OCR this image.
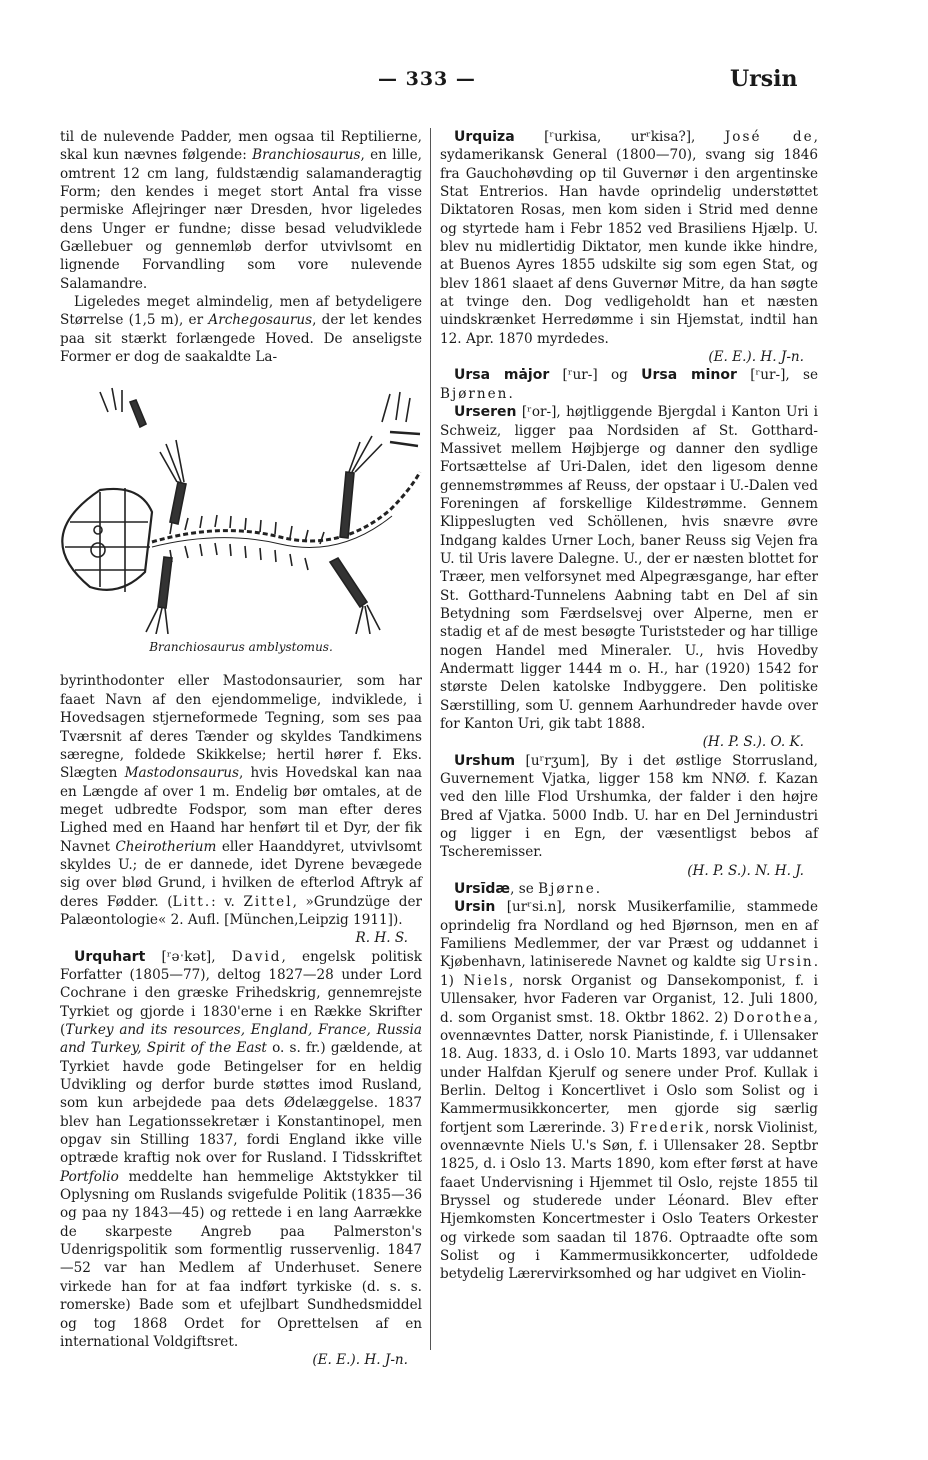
— 333 —	Ursin

til de nulevende Padder, men ogsaa til Reptilierne, skal kun nævnes følgende: Branchiosaurus, en lille, omtrent 12 cm lang, fuldstændig salamanderagtig Form; den kendes i meget stort Antal fra visse permiske Aflejringer nær Dresden, hvor ligeledes dens Unger er fundne; disse besad veludviklede Gællebuer og gennemløb derfor utvivlsomt en lignende Forvandling som vore nulevende Salamandre.

Ligeledes meget almindelig, men af betydeligere Størrelse (1,5 m), er Archegosaurus, der let kendes paa sit stærkt forlængede Hoved. De anseligste Former er dog de saakaldte La-

Branchiosaurus amblystomus.

byrinthodonter eller Mastodonsaurier, som har faaet Navn af den ejendommelige, indviklede, i Hovedsagen stjerneformede Tegning, som ses paa Tværsnit af deres Tænder og skyldes Tandkimens særegne, foldede Skikkelse; hertil hører f. Eks. Slægten Mastodonsaurus, hvis Hovedskal kan naa en Længde af over 1 m. Endelig bør omtales, at de meget udbredte Fodspor, som man efter deres Lighed med en Haand har henført til et Dyr, der fik Navnet Cheirotherium eller Haanddyret, utvivlsomt skyldes U.; de er dannede, idet Dyrene bevægede sig over blød Grund, i hvilken de efterlod Aftryk af deres Fødder. (Litt.: v. Zittel, »Grundzüge der Palæontologie« 2. Aufl. [München,Leipzig 1911]).

R. H. S.

Urquhart [ʳəˑkət], David, engelsk politisk Forfatter (1805—77), deltog 1827—28 under Lord Cochrane i den græske Frihedskrig, gennemrejste Tyrkiet og gjorde i 1830'erne i en Række Skrifter (Turkey and its resources, England, France, Russia and Turkey, Spirit of the East o. s. fr.) gældende, at Tyrkiet havde gode Betingelser for en heldig Udvikling og derfor burde støttes imod Rusland, som kun arbejdede paa dets Ødelæggelse. 1837 blev han Legationssekretær i Konstantinopel, men opgav sin Stilling 1837, fordi England ikke ville optræde kraftig nok over for Rusland. I Tidsskriftet Portfolio meddelte han hemmelige Aktstykker til Oplysning om Ruslands svigefulde Politik (1835—36 og paa ny 1843—45) og rettede i en lang Aarrække de skarpeste Angreb paa Palmerston's Udenrigspolitik som formentlig russervenlig. 1847—52 var han Medlem af Underhuset. Senere virkede han for at faa indført tyrkiske (d. s. s. romerske) Bade som et ufejlbart Sundhedsmiddel og tog 1868 Ordet for Oprettelsen af en international Voldgiftsret.

(E. E.). H. J-n.

Urquiza [ʳurkisa, urʳkisa?], José de, sydamerikansk General (1800—70), svang sig 1846 fra Gauchohøvding op til Guvernør i den argentinske Stat Entrerios. Han havde oprindelig understøttet Diktatoren Rosas, men kom siden i Strid med denne og styrtede ham i Febr 1852 ved Brasiliens Hjælp. U. blev nu midlertidig Diktator, men kunde ikke hindre, at Buenos Ayres 1855 udskilte sig som egen Stat, og blev 1861 slaaet af dens Guvernør Mitre, da han søgte at tvinge den. Dog vedligeholdt han et næsten uindskrænket Herredømme i sin Hjemstat, indtil han 12. Apr. 1870 myrdedes.

(E. E.). H. J-n.

Ursa mȧjor [ʳur-] og Ursa minor [ʳur-], se Bjørnen.

Urseren [ʳor-], højtliggende Bjergdal i Kanton Uri i Schweiz, ligger paa Nordsiden af St. Gotthard-Massivet mellem Højbjerge og danner den sydlige Fortsættelse af Uri-Dalen, idet den ligesom denne gennemstrømmes af Reuss, der opstaar i U.-Dalen ved Foreningen af forskellige Kildestrømme. Gennem Klippeslugten ved Schöllenen, hvis snævre øvre Indgang kaldes Urner Loch, baner Reuss sig Vejen fra U. til Uris lavere Dalegne. U., der er næsten blottet for Træer, men velforsynet med Alpegræsgange, har efter St. Gotthard-Tunnelens Aabning tabt en Del af sin Betydning som Færdselsvej over Alperne, men er stadig et af de mest besøgte Turiststeder og har tillige nogen Handel med Mineraler. U., hvis Hovedby Andermatt ligger 1444 m o. H., har (1920) 1542 for største Delen katolske Indbyggere. Den politiske Særstilling, som U. gennem Aarhundreder havde over for Kanton Uri, gik tabt 1888.

(H. P. S.). O. K.

Urshum [uʳrʒum], By i det østlige Storrusland, Guvernement Vjatka, ligger 158 km NNØ. f. Kazan ved den lille Flod Urshumka, der falder i den højre Bred af Vjatka. 5000 Indb. U. har en Del Jernindustri og ligger i en Egn, der væsentligst bebos af Tscheremisser.

(H. P. S.). N. H. J.

Ursīdæ, se Bjørne.

Ursin [urʳsi.n], norsk Musikerfamilie, stammede oprindelig fra Nordland og hed Bjørnson, men en af Familiens Medlemmer, der var Præst og uddannet i Kjøbenhavn, latiniserede Navnet og kaldte sig Ursin. 1) Niels, norsk Organist og Dansekomponist, f. i Ullensaker, hvor Faderen var Organist, 12. Juli 1800, d. som Organist smst. 18. Oktbr 1862. 2) Dorothea, ovennævntes Datter, norsk Pianistinde, f. i Ullensaker 18. Aug. 1833, d. i Oslo 10. Marts 1893, var uddannet under Halfdan Kjerulf og senere under Prof. Kullak i Berlin. Deltog i Koncertlivet i Oslo som Solist og i Kammermusikkoncerter, men gjorde sig særlig fortjent som Lærerinde. 3) Frederik, norsk Violinist, ovennævnte Niels U.'s Søn, f. i Ullensaker 28. Septbr 1825, d. i Oslo 13. Marts 1890, kom efter først at have faaet Undervisning i Hjemmet til Oslo, rejste 1855 til Bryssel og studerede under Léonard. Blev efter Hjemkomsten Koncertmester i Oslo Teaters Orkester og virkede som saadan til 1876. Optraadte ofte som Solist og i Kammermusikkoncerter, udfoldede betydelig Lærervirksomhed og har udgivet en Violin-
